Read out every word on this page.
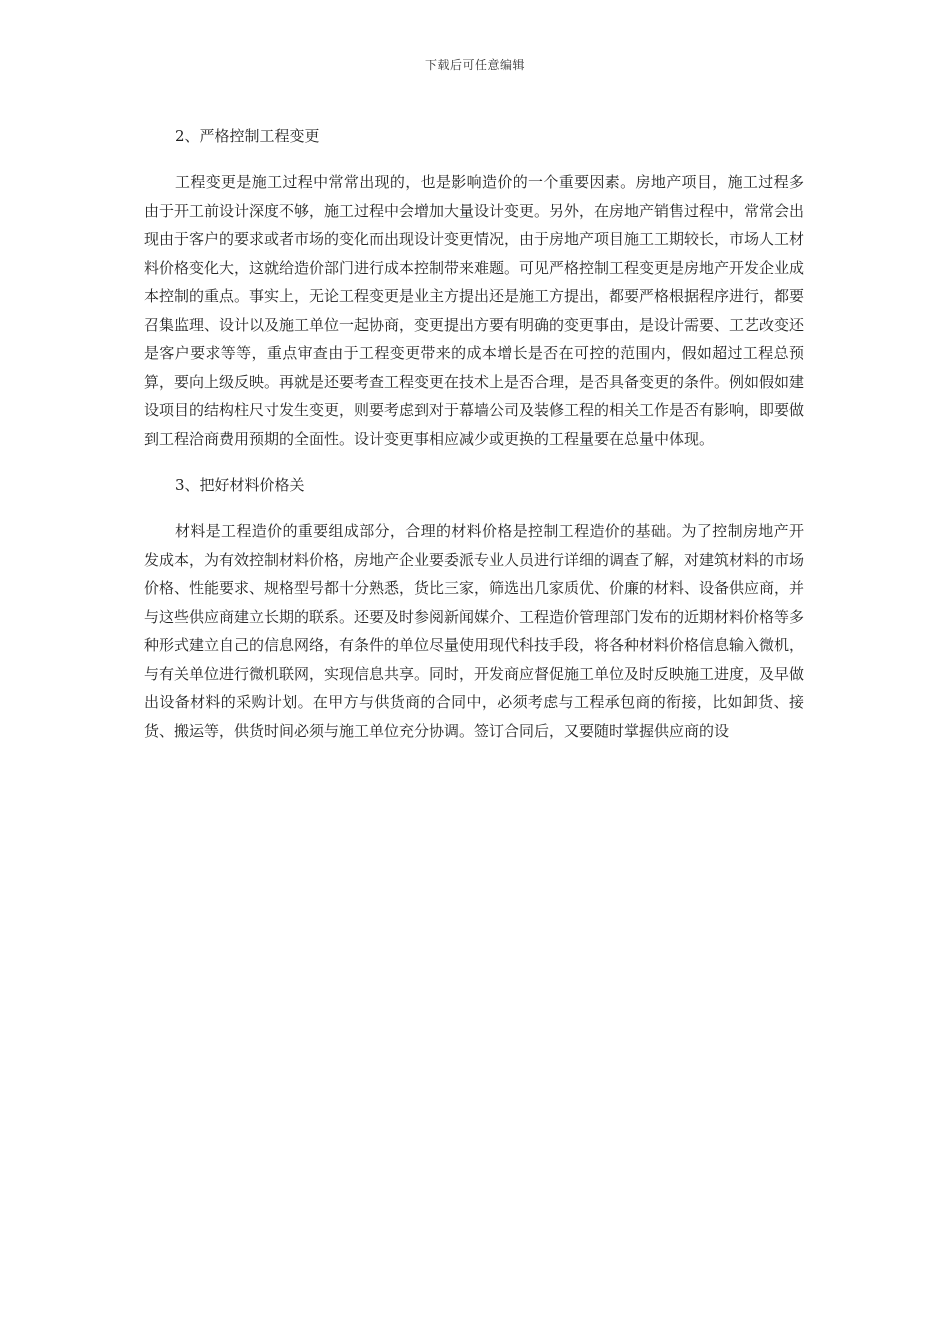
下载后可任意编辑
2、严格控制工程变更

工程变更是施工过程中常常出现的，也是影响造价的一个重要因素。房地产项目，施工过程多由于开工前设计深度不够，施工过程中会增加大量设计变更。另外，在房地产销售过程中，常常会出现由于客户的要求或者市场的变化而出现设计变更情况，由于房地产项目施工工期较长，市场人工材料价格变化大，这就给造价部门进行成本控制带来难题。可见严格控制工程变更是房地产开发企业成本控制的重点。事实上，无论工程变更是业主方提出还是施工方提出，都要严格根据程序进行，都要召集监理、设计以及施工单位一起协商，变更提出方要有明确的变更事由，是设计需要、工艺改变还是客户要求等等，重点审查由于工程变更带来的成本增长是否在可控的范围内，假如超过工程总预算，要向上级反映。再就是还要考查工程变更在技术上是否合理，是否具备变更的条件。例如假如建设项目的结构柱尺寸发生变更，则要考虑到对于幕墙公司及装修工程的相关工作是否有影响，即要做到工程洽商费用预期的全面性。设计变更事相应减少或更换的工程量要在总量中体现。

3、把好材料价格关

材料是工程造价的重要组成部分，合理的材料价格是控制工程造价的基础。为了控制房地产开发成本，为有效控制材料价格，房地产企业要委派专业人员进行详细的调查了解，对建筑材料的市场价格、性能要求、规格型号都十分熟悉，货比三家，筛选出几家质优、价廉的材料、设备供应商，并与这些供应商建立长期的联系。还要及时参阅新闻媒介、工程造价管理部门发布的近期材料价格等多种形式建立自己的信息网络，有条件的单位尽量使用现代科技手段，将各种材料价格信息输入微机，与有关单位进行微机联网，实现信息共享。同时，开发商应督促施工单位及时反映施工进度，及早做出设备材料的采购计划。在甲方与供货商的合同中，必须考虑与工程承包商的衔接，比如卸货、接货、搬运等，供货时间必须与施工单位充分协调。签订合同后，又要随时掌握供应商的设
